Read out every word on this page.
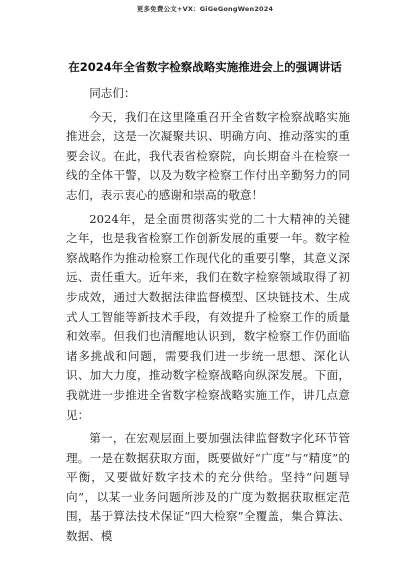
更多免费公文+VX：GiGeGongWen2024
在2024年全省数字检察战略实施推进会上的强调讲话

同志们：

今天，我们在这里隆重召开全省数字检察战略实施推进会，这是一次凝聚共识、明确方向、推动落实的重要会议。在此，我代表省检察院，向长期奋斗在检察一线的全体干警，以及为数字检察工作付出辛勤努力的同志们，表示衷心的感谢和崇高的敬意！

2024年，是全面贯彻落实党的二十大精神的关键之年，也是我省检察工作创新发展的重要一年。数字检察战略作为推动检察工作现代化的重要引擎，其意义深远、责任重大。近年来，我们在数字检察领域取得了初步成效，通过大数据法律监督模型、区块链技术、生成式人工智能等新技术手段，有效提升了检察工作的质量和效率。但我们也清醒地认识到，数字检察工作仍面临诸多挑战和问题，需要我们进一步统一思想、深化认识、加大力度，推动数字检察战略向纵深发展。下面，我就进一步推进全省数字检察战略实施工作，讲几点意见：

第一，在宏观层面上要加强法律监督数字化环节管理。一是在数据获取方面，既要做好“广度”与“精度”的平衡，又要做好数字技术的充分供给。坚持“问题导向”，以某一业务问题所涉及的广度为数据获取框定范围，基于算法技术保证“四大检察”全覆盖，集合算法、数据、模
